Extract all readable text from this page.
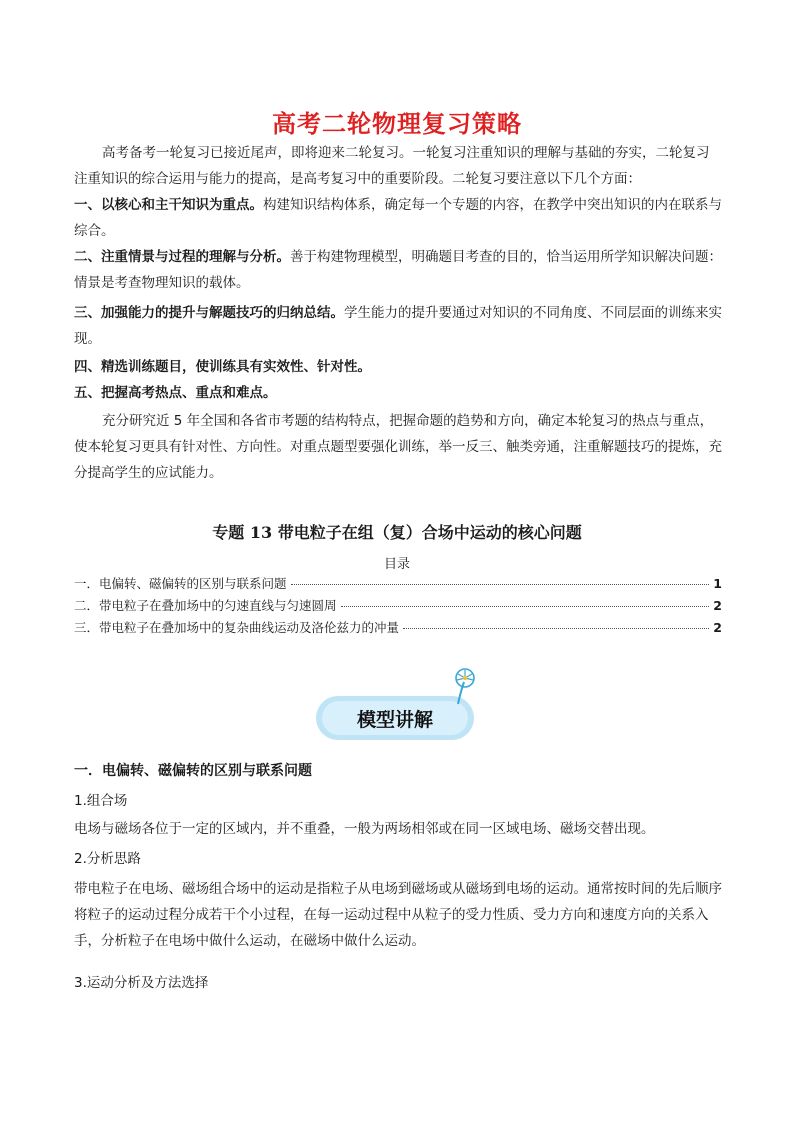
高考二轮物理复习策略
高考备考一轮复习已接近尾声，即将迎来二轮复习。一轮复习注重知识的理解与基础的夯实，二轮复习注重知识的综合运用与能力的提高，是高考复习中的重要阶段。二轮复习要注意以下几个方面：
一、以核心和主干知识为重点。构建知识结构体系，确定每一个专题的内容，在教学中突出知识的内在联系与综合。
二、注重情景与过程的理解与分析。善于构建物理模型，明确题目考查的目的，恰当运用所学知识解决问题：情景是考查物理知识的载体。
三、加强能力的提升与解题技巧的归纳总结。学生能力的提升要通过对知识的不同角度、不同层面的训练来实现。
四、精选训练题目，使训练具有实效性、针对性。
五、把握高考热点、重点和难点。
充分研究近 5 年全国和各省市考题的结构特点，把握命题的趋势和方向，确定本轮复习的热点与重点，使本轮复习更具有针对性、方向性。对重点题型要强化训练，举一反三、触类旁通，注重解题技巧的提炼，充分提高学生的应试能力。
专题 13 带电粒子在组（复）合场中运动的核心问题
目录
一．电偏转、磁偏转的区别与联系问题	1
二．带电粒子在叠加场中的匀速直线与匀速圆周	2
三．带电粒子在叠加场中的复杂曲线运动及洛伦兹力的冲量	2
模型讲解
一．电偏转、磁偏转的区别与联系问题
1.组合场
电场与磁场各位于一定的区域内，并不重叠，一般为两场相邻或在同一区域电场、磁场交替出现。
2.分析思路
带电粒子在电场、磁场组合场中的运动是指粒子从电场到磁场或从磁场到电场的运动。通常按时间的先后顺序将粒子的运动过程分成若干个小过程，在每一运动过程中从粒子的受力性质、受力方向和速度方向的关系入手，分析粒子在电场中做什么运动，在磁场中做什么运动。
3.运动分析及方法选择
